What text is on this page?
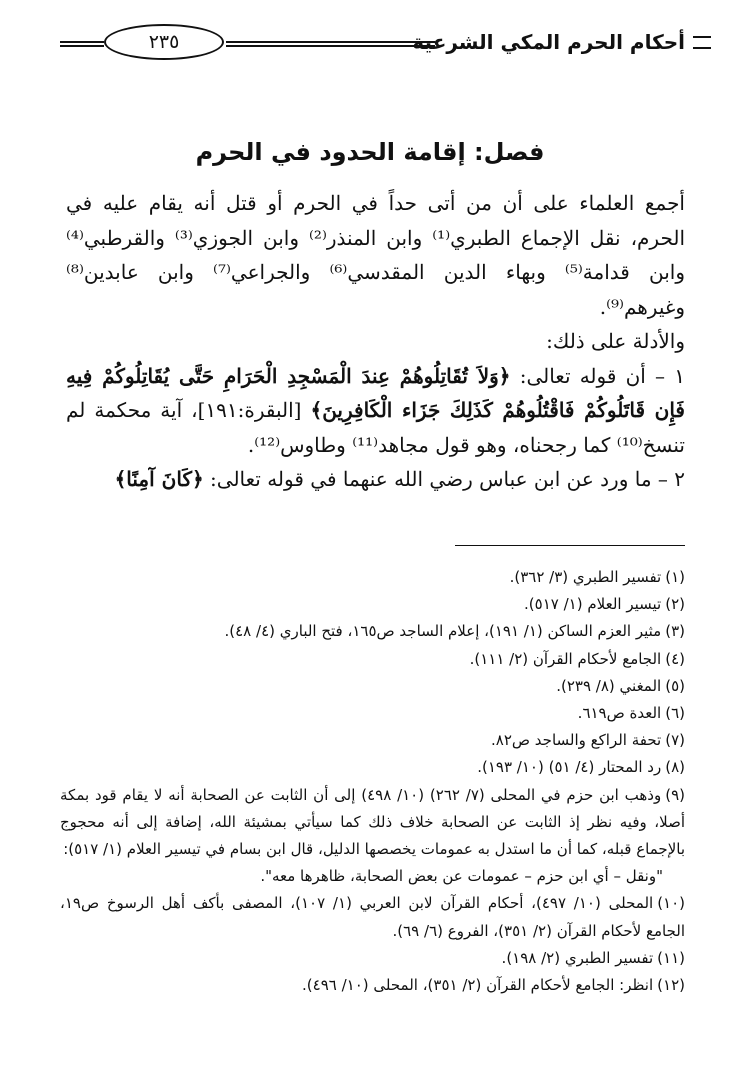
أحكام الحرم المكي الشرعية
٢٣٥
فصل: إقامة الحدود في الحرم

أجمع العلماء على أن من أتى حداً في الحرم أو قتل أنه يقام عليه في الحرم، نقل الإجماع الطبري⁽¹⁾ وابن المنذر⁽²⁾ وابن الجوزي⁽³⁾ والقرطبي⁽⁴⁾ وابن قدامة⁽⁵⁾ وبهاء الدين المقدسي⁽⁶⁾ والجراعي⁽⁷⁾ وابن عابدين⁽⁸⁾ وغيرهم⁽⁹⁾.

والأدلة على ذلك:

١ – أن قوله تعالى: ﴿وَلاَ تُقَاتِلُوهُمْ عِندَ الْمَسْجِدِ الْحَرَامِ حَتَّى يُقَاتِلُوكُمْ فِيهِ فَإِن قَاتَلُوكُمْ فَاقْتُلُوهُمْ كَذَلِكَ جَزَاء الْكَافِرِينَ﴾ [البقرة:١٩١]، آية محكمة لم تنسخ⁽¹⁰⁾ كما رجحناه، وهو قول مجاهد⁽¹¹⁾ وطاوس⁽¹²⁾.

٢ – ما ورد عن ابن عباس رضي الله عنهما في قوله تعالى: ﴿كَانَ آمِنًا﴾

(١)تفسير الطبري (٣/ ٣٦٢).

(٢)تيسير العلام (١/ ٥١٧).

(٣)مثير العزم الساكن (١/ ١٩١)، إعلام الساجد ص١٦٥، فتح الباري (٤/ ٤٨).

(٤)الجامع لأحكام القرآن (٢/ ١١١).

(٥)المغني (٨/ ٢٣٩).

(٦)العدة ص٦١٩.

(٧)تحفة الراكع والساجد ص٨٢.

(٨)رد المحتار (٤/ ٥١) (١٠/ ١٩٣).

(٩)وذهب ابن حزم في المحلى (٧/ ٢٦٢) (١٠/ ٤٩٨) إلى أن الثابت عن الصحابة أنه لا يقام قود بمكة أصلا، وفيه نظر إذ الثابت عن الصحابة خلاف ذلك كما سيأتي بمشيئة الله، إضافة إلى أنه محجوج بالإجماع قبله، كما أن ما استدل به عمومات يخصصها الدليل، قال ابن بسام في تيسير العلام (١/ ٥١٧):

"ونقل – أي ابن حزم – عمومات عن بعض الصحابة، ظاهرها معه".

(١٠)المحلى (١٠/ ٤٩٧)، أحكام القرآن لابن العربي (١/ ١٠٧)، المصفى بأكف أهل الرسوخ ص١٩، الجامع لأحكام القرآن (٢/ ٣٥١)، الفروع (٦/ ٦٩).

(١١)تفسير الطبري (٢/ ١٩٨).

(١٢)انظر: الجامع لأحكام القرآن (٢/ ٣٥١)، المحلى (١٠/ ٤٩٦).
